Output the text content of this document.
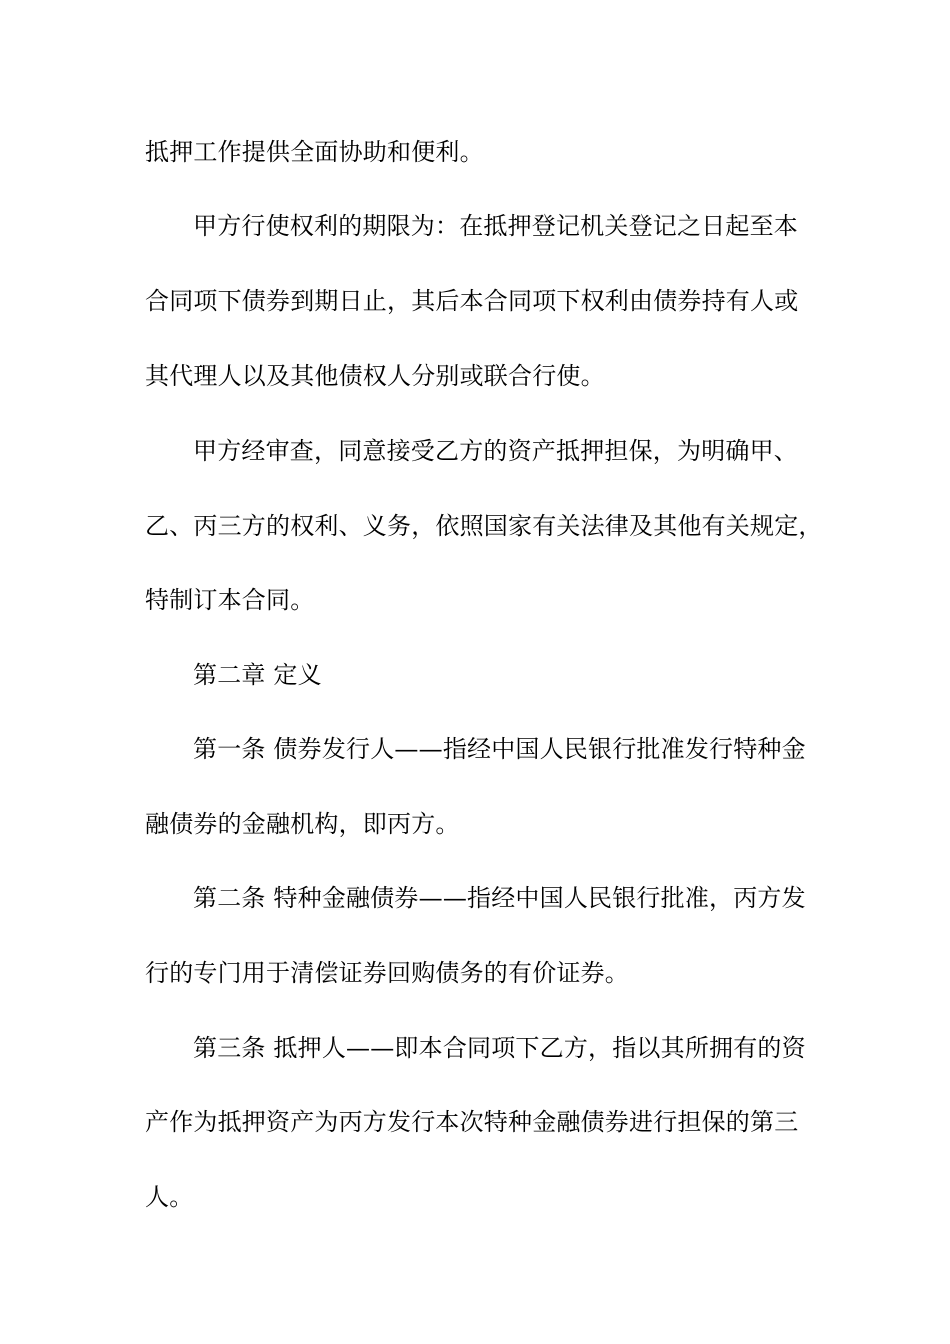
抵押工作提供全面协助和便利。
甲方行使权利的期限为：在抵押登记机关登记之日起至本
合同项下债券到期日止，其后本合同项下权利由债券持有人或
其代理人以及其他债权人分别或联合行使。
甲方经审查，同意接受乙方的资产抵押担保，为明确甲、
乙、丙三方的权利、义务，依照国家有关法律及其他有关规定，
特制订本合同。
第二章 定义
第一条 债券发行人——指经中国人民银行批准发行特种金
融债券的金融机构，即丙方。
第二条 特种金融债券——指经中国人民银行批准，丙方发
行的专门用于清偿证券回购债务的有价证券。
第三条 抵押人——即本合同项下乙方，指以其所拥有的资
产作为抵押资产为丙方发行本次特种金融债券进行担保的第三
人。
